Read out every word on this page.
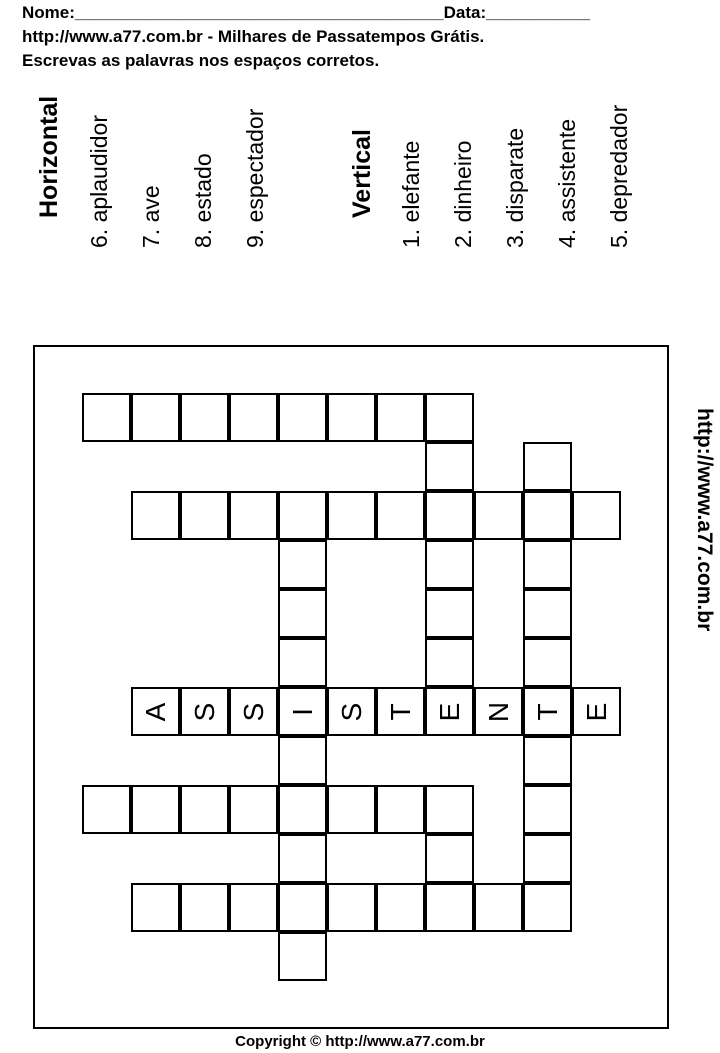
Nome:_______________________________________Data:___________
http://www.a77.com.br - Milhares de Passatempos Grátis.
Escrevas as palavras nos espaços corretos.
Horizontal 6. aplaudidor 7. ave 8. estado 9. espectador	Vertical 1. elefante 2. dinheiro 3. disparate 4. assistente 5. depredador
A S S I S T E N T E
http://www.a77.com.br
Copyright © http://www.a77.com.br
